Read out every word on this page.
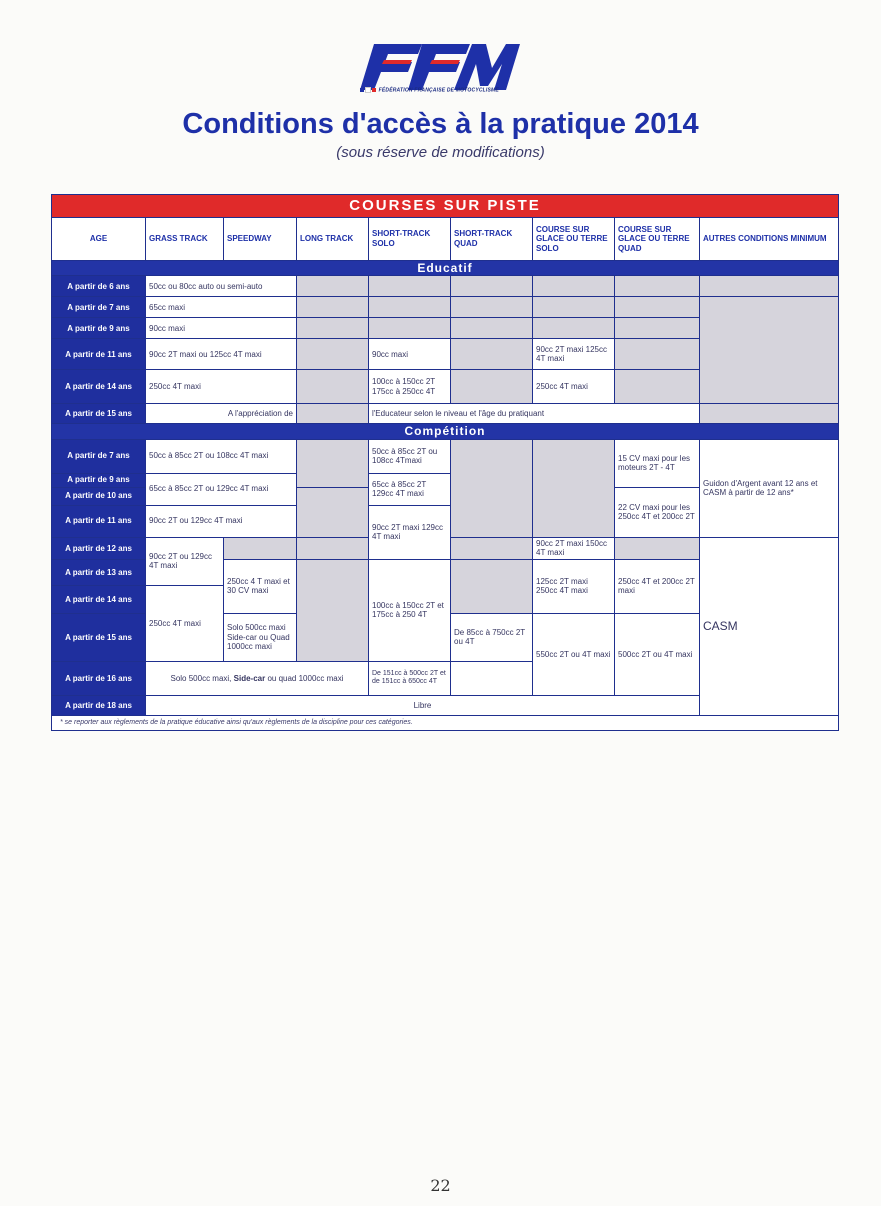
FÉDÉRATION FRANÇAISE DE MOTOCYCLISME
Conditions d'accès à la pratique 2014
(sous réserve de modifications)
COURSES SUR PISTE								
AGE	GRASS TRACK	SPEEDWAY	LONG TRACK	SHORT-TRACK SOLO	SHORT-TRACK QUAD	COURSE SUR GLACE OU TERRE SOLO	COURSE SUR GLACE OU TERRE QUAD	AUTRES CONDITIONS MINIMUM
Educatif								
A partir de 6 ans	50cc ou 80cc auto ou semi-auto							
A partir de 7 ans	65cc maxi							
A partir de 9 ans	90cc maxi							
A partir de 11 ans	90cc 2T maxi ou 125cc 4T maxi			90cc maxi		90cc 2T maxi 125cc 4T maxi		
A partir de 14 ans	250cc 4T maxi			100cc à 150cc 2T 175cc à 250cc 4T		250cc 4T maxi		
A partir de 15 ans	A l'appréciation de			l'Educateur selon le niveau et l'âge du pratiquant				
Compétition								
A partir de 7 ans	50cc à 85cc 2T ou 108cc 4T maxi			50cc à 85cc 2T ou 108cc 4Tmaxi			15 CV maxi pour les moteurs 2T - 4T	Guidon d'Argent avant 12 ans et CASM à partir de 12 ans*
A partir de 9 ans	65cc à 85cc 2T ou 129cc 4T maxi			65cc à 85cc 2T 129cc 4T maxi				
A partir de 10 ans							22 CV maxi pour les 250cc 4T et 200cc 2T	
A partir de 11 ans	90cc 2T ou 129cc 4T maxi			90cc 2T maxi 129cc 4T maxi				
A partir de 12 ans	90cc 2T ou 129cc 4T maxi					90cc 2T maxi 150cc 4T maxi		CASM
A partir de 13 ans		250cc 4 T maxi et 30 CV maxi		100cc à 150cc 2T et 175cc à 250 4T		125cc 2T maxi 250cc 4T maxi	250cc 4T et 200cc 2T maxi	
A partir de 14 ans	250cc 4T maxi							
A partir de 15 ans		Solo 500cc maxi Side-car ou Quad 1000cc maxi			De 85cc à 750cc 2T ou 4T	550cc 2T ou 4T maxi	500cc 2T ou 4T maxi	
A partir de 16 ans	Solo 500cc maxi, Side-car ou quad 1000cc maxi			De 151cc à 500cc 2T et de 151cc à 650cc 4T				
A partir de 18 ans	Libre							
* se reporter aux règlements de la pratique éducative ainsi qu'aux règlements de la discipline pour ces catégories.								
22
